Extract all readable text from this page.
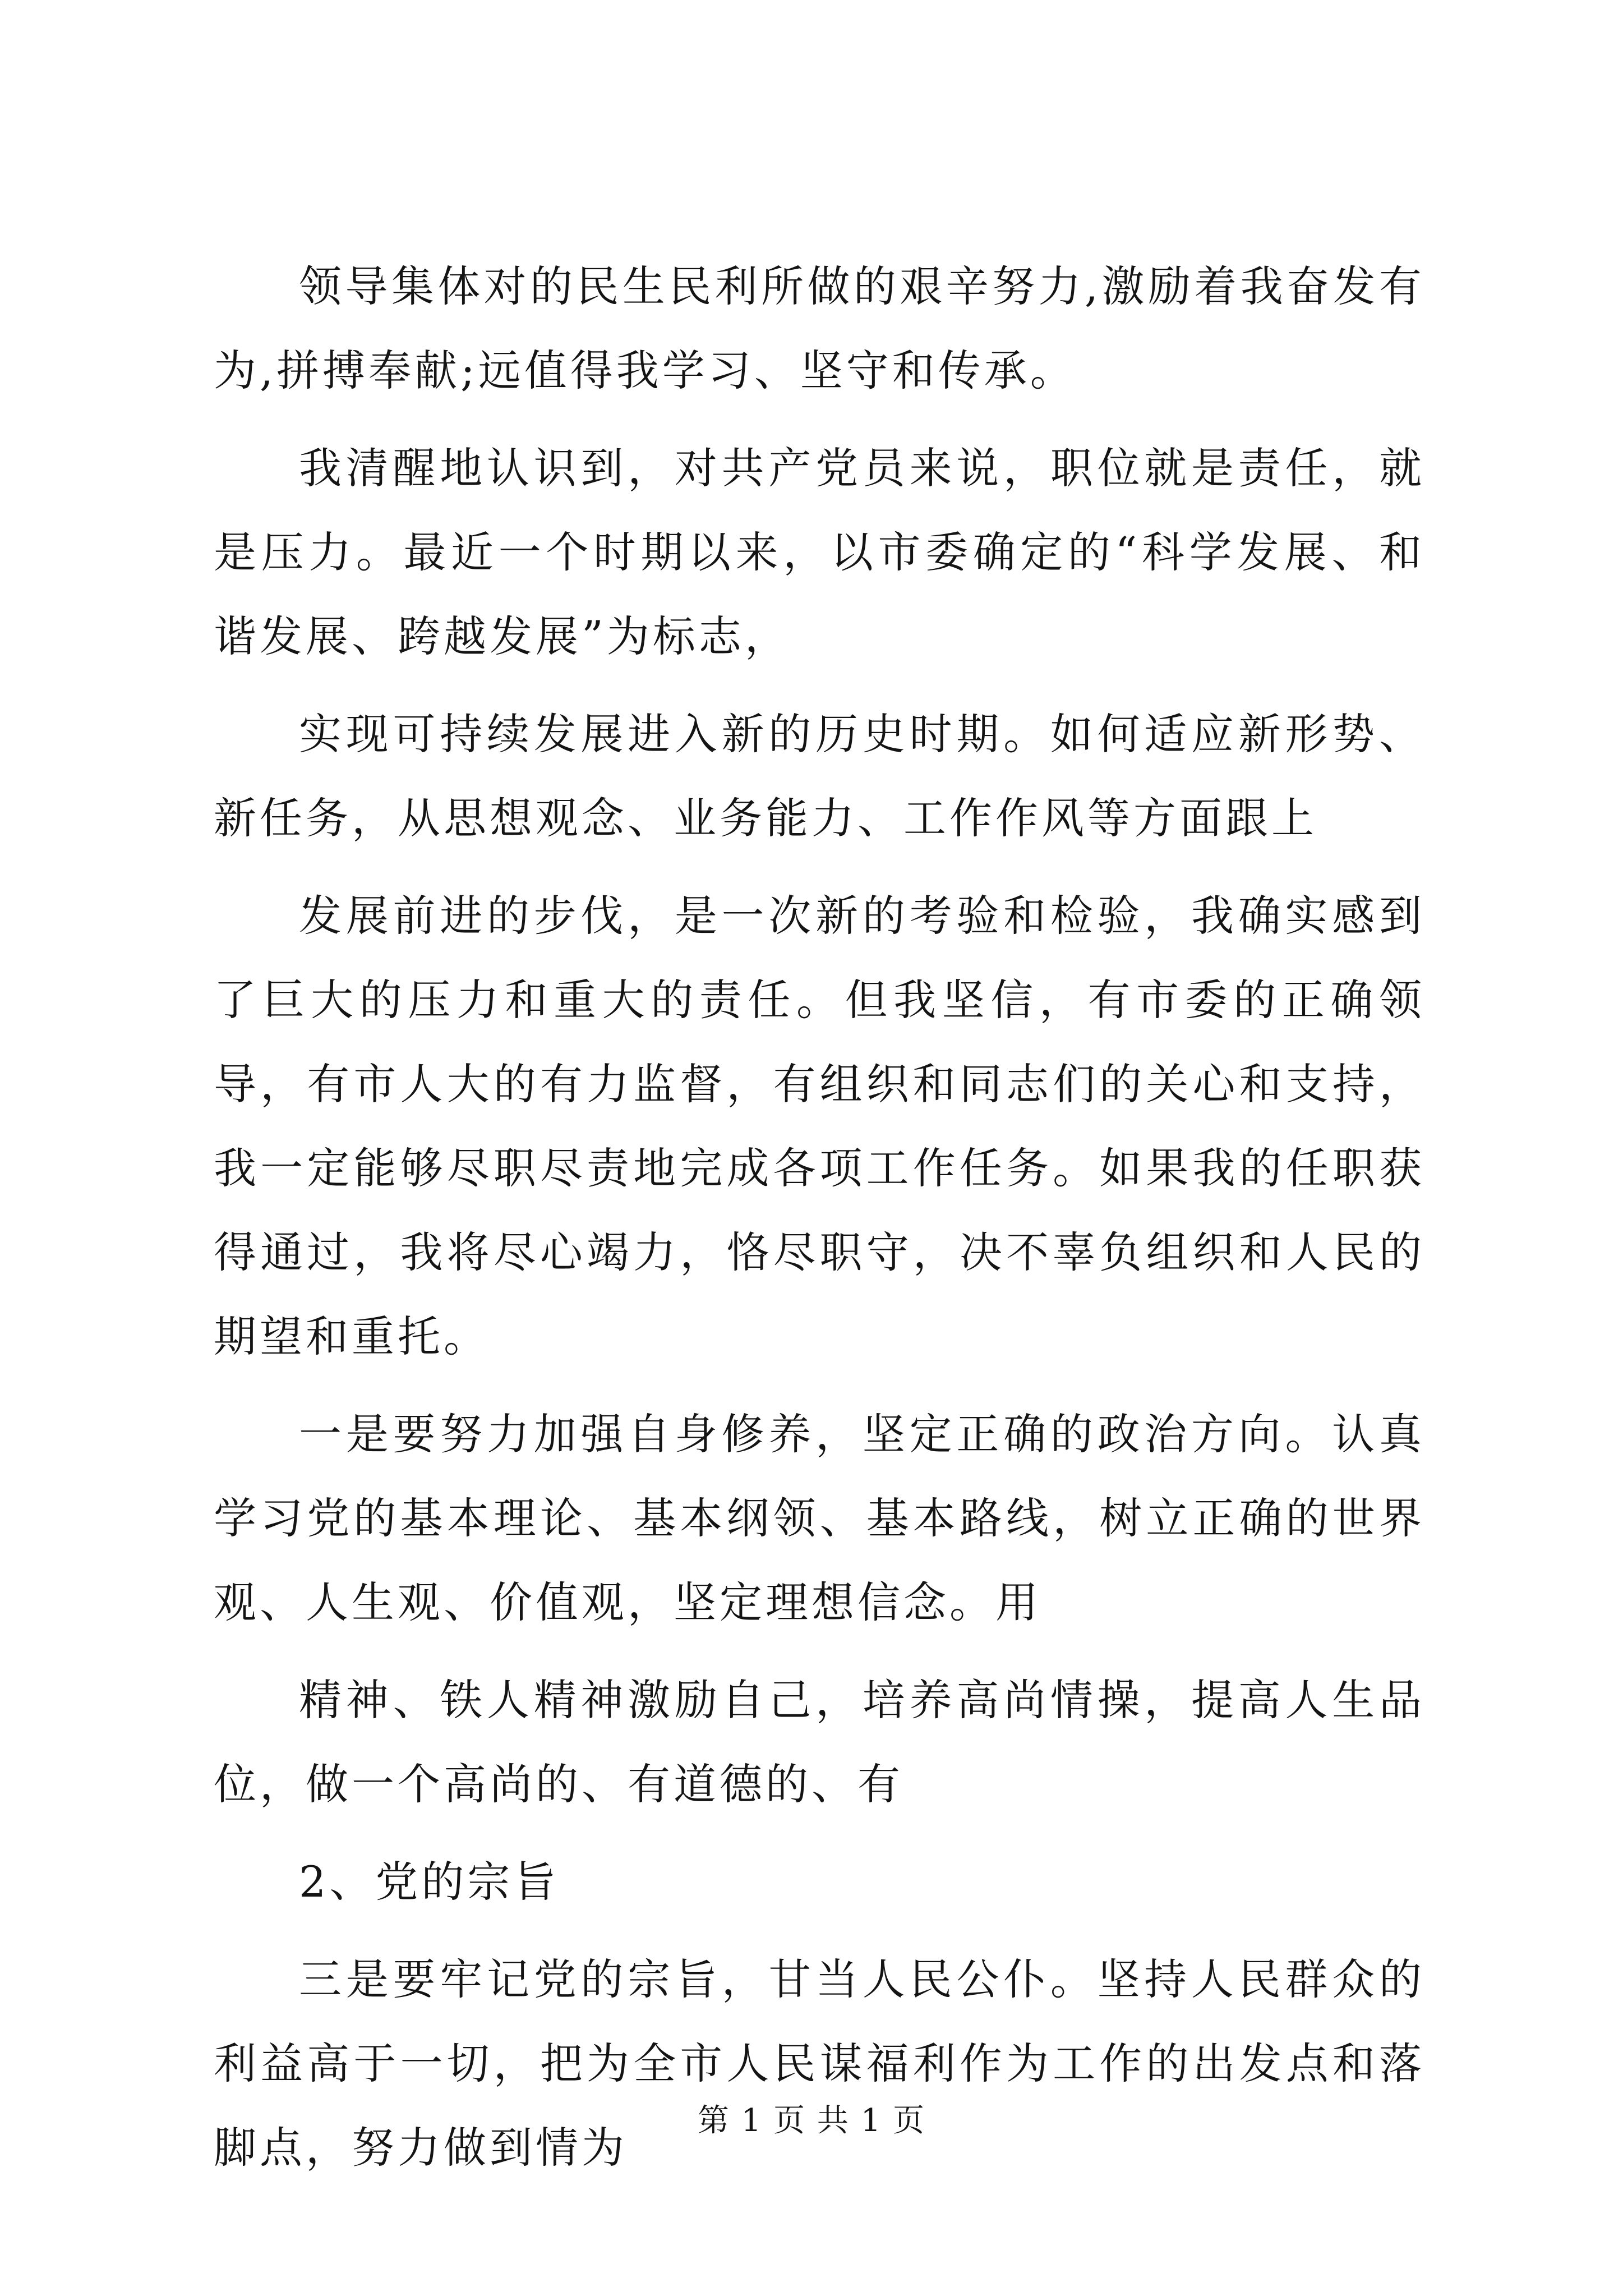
领导集体对的民生民利所做的艰辛努力,激励着我奋发有为,拼搏奉献;远值得我学习、坚守和传承。

我清醒地认识到，对共产党员来说，职位就是责任，就是压力。最近一个时期以来，以市委确定的“科学发展、和谐发展、跨越发展”为标志，

实现可持续发展进入新的历史时期。如何适应新形势、新任务，从思想观念、业务能力、工作作风等方面跟上

发展前进的步伐，是一次新的考验和检验，我确实感到了巨大的压力和重大的责任。但我坚信，有市委的正确领导，有市人大的有力监督，有组织和同志们的关心和支持，我一定能够尽职尽责地完成各项工作任务。如果我的任职获得通过，我将尽心竭力，恪尽职守，决不辜负组织和人民的期望和重托。

一是要努力加强自身修养，坚定正确的政治方向。认真学习党的基本理论、基本纲领、基本路线，树立正确的世界观、人生观、价值观，坚定理想信念。用

精神、铁人精神激励自己，培养高尚情操，提高人生品位，做一个高尚的、有道德的、有

2、党的宗旨

三是要牢记党的宗旨，甘当人民公仆。坚持人民群众的利益高于一切，把为全市人民谋福利作为工作的出发点和落脚点，努力做到情为

第 1 页 共 1 页
